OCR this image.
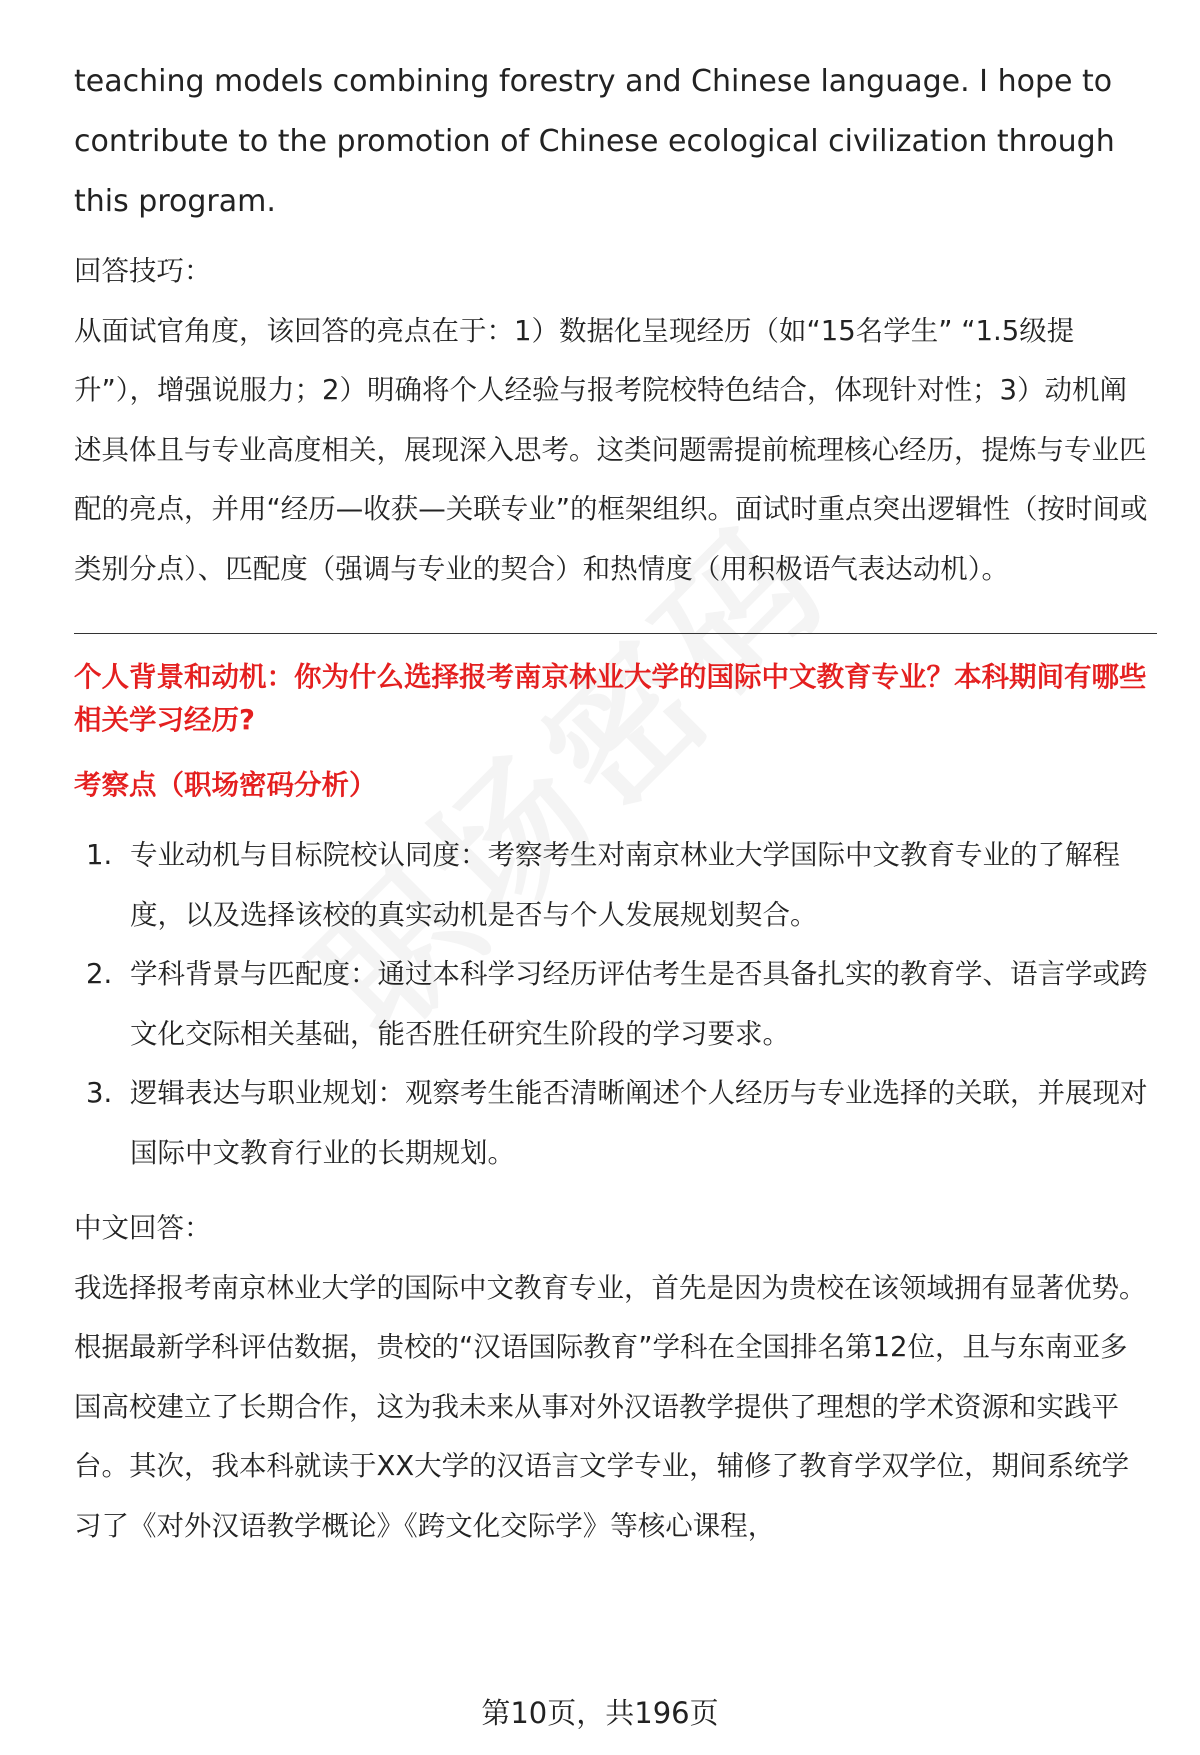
teaching models combining forestry and Chinese language. I hope to contribute to the promotion of Chinese ecological civilization through this program.

回答技巧：

从面试官角度，该回答的亮点在于：1）数据化呈现经历（如“15名学生” “1.5级提升”），增强说服力；2）明确将个人经验与报考院校特色结合，体现针对性；3）动机阐述具体且与专业高度相关，展现深入思考。这类问题需提前梳理核心经历，提炼与专业匹配的亮点，并用“经历—收获—关联专业”的框架组织。面试时重点突出逻辑性（按时间或类别分点）、匹配度（强调与专业的契合）和热情度（用积极语气表达动机）。

个人背景和动机：你为什么选择报考南京林业大学的国际中文教育专业？本科期间有哪些相关学习经历?

考察点（职场密码分析）

1. 专业动机与目标院校认同度：考察考生对南京林业大学国际中文教育专业的了解程度，以及选择该校的真实动机是否与个人发展规划契合。
2. 学科背景与匹配度：通过本科学习经历评估考生是否具备扎实的教育学、语言学或跨文化交际相关基础，能否胜任研究生阶段的学习要求。
3. 逻辑表达与职业规划：观察考生能否清晰阐述个人经历与专业选择的关联，并展现对国际中文教育行业的长期规划。

中文回答：

我选择报考南京林业大学的国际中文教育专业，首先是因为贵校在该领域拥有显著优势。根据最新学科评估数据，贵校的“汉语国际教育”学科在全国排名第12位，且与东南亚多国高校建立了长期合作，这为我未来从事对外汉语教学提供了理想的学术资源和实践平台。其次，我本科就读于XX大学的汉语言文学专业，辅修了教育学双学位，期间系统学习了《对外汉语教学概论》《跨文化交际学》等核心课程，

第10页，共196页
